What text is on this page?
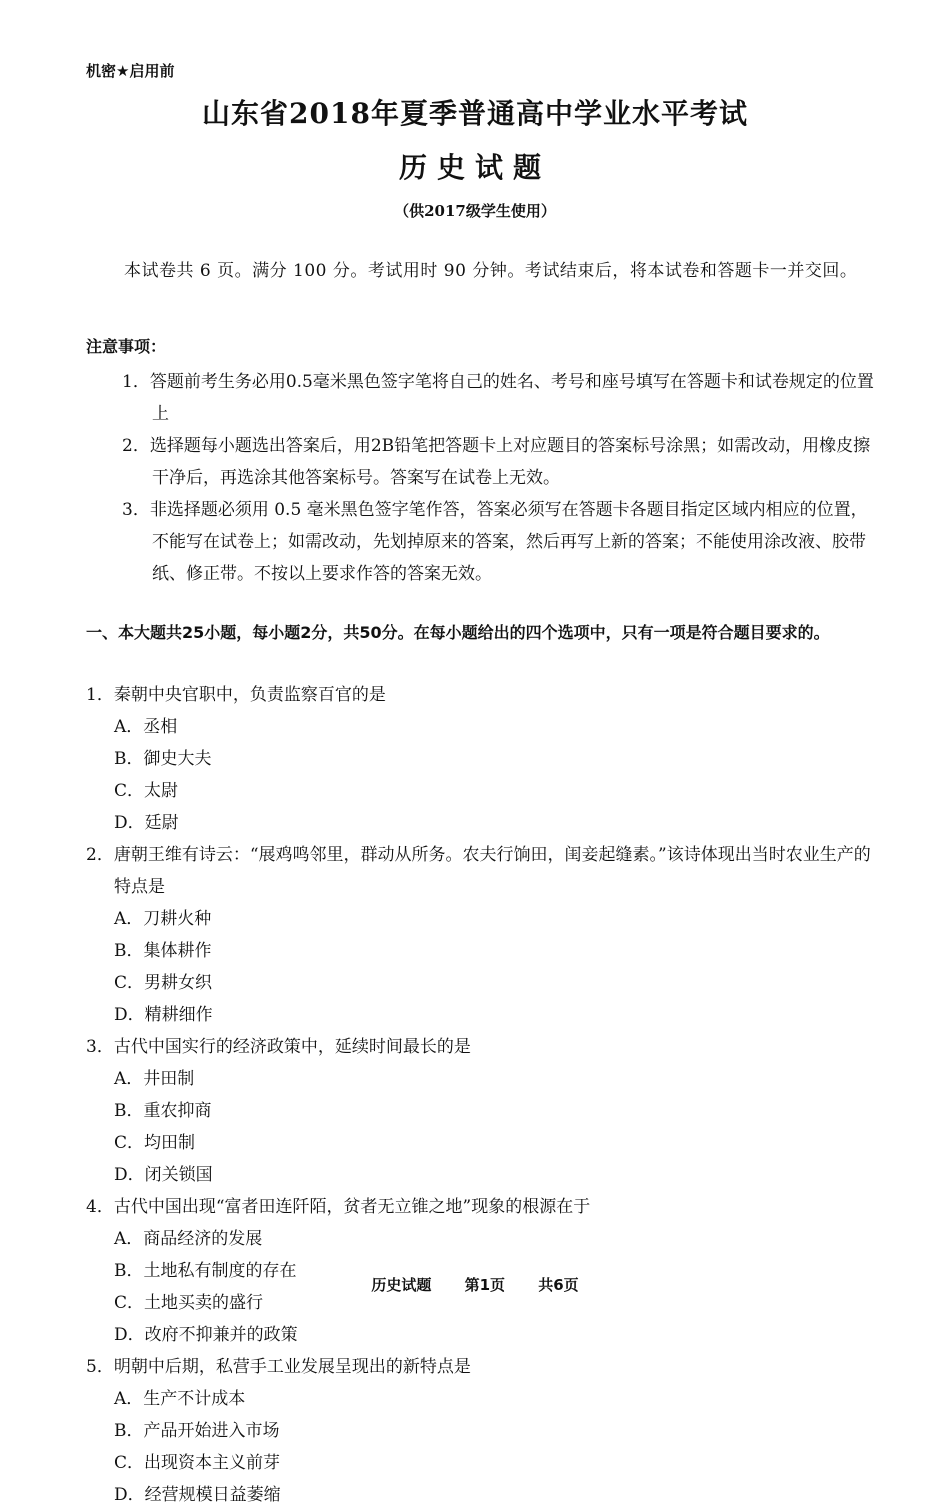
机密★启用前
山东省2018年夏季普通高中学业水平考试
历史试题
（供2017级学生使用）
本试卷共 6 页。满分 100 分。考试用时 90 分钟。考试结束后，将本试卷和答题卡一并交回。
注意事项：
1．答题前考生务必用0.5毫米黑色签字笔将自己的姓名、考号和座号填写在答题卡和试卷规定的位置上
2．选择题每小题选出答案后，用2B铅笔把答题卡上对应题目的答案标号涂黑；如需改动，用橡皮擦干净后，再选涂其他答案标号。答案写在试卷上无效。
3．非选择题必须用 0.5 毫米黑色签字笔作答，答案必须写在答题卡各题目指定区域内相应的位置，不能写在试卷上；如需改动，先划掉原来的答案，然后再写上新的答案；不能使用涂改液、胶带纸、修正带。不按以上要求作答的答案无效。
一、本大题共25小题，每小题2分，共50分。在每小题给出的四个选项中，只有一项是符合题目要求的。
1．秦朝中央官职中，负责监察百官的是
A．丞相
B．御史大夫
C．太尉
D．廷尉
2．唐朝王维有诗云：“展鸡鸣邻里，群动从所务。农夫行饷田，闺妾起缝素。”该诗体现出当时农业生产的特点是
A．刀耕火种
B．集体耕作
C．男耕女织
D．精耕细作
3．古代中国实行的经济政策中，延续时间最长的是
A．井田制
B．重农抑商
C．均田制
D．闭关锁国
4．古代中国出现“富者田连阡陌，贫者无立锥之地”现象的根源在于
A．商品经济的发展
B．土地私有制度的存在
C．土地买卖的盛行
D．改府不抑兼并的政策
5．明朝中后期，私营手工业发展呈现出的新特点是
A．生产不计成本
B．产品开始进入市场
C．出现资本主义前芽
D．经营规模日益萎缩
历史试题 第1页 共6页
